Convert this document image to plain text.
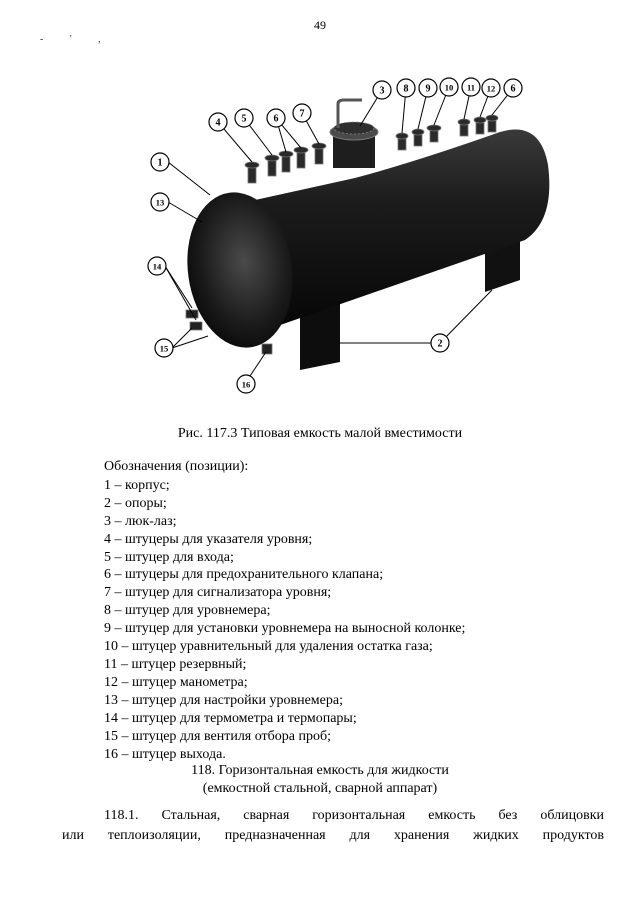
49
- ' ,
1
2
3
4 5	6 7
8 9 10 11 12 6
13
14
15
16
Рис. 117.3 Типовая емкость малой вместимости
Обозначения (позиции):
1 – корпус;
2 – опоры;
3 – люк-лаз;
4 – штуцеры для указателя уровня;
5 – штуцер для входа;
6 – штуцеры для предохранительного клапана;
7 – штуцер для сигнализатора уровня;
8 – штуцер для уровнемера;
9 – штуцер для установки уровнемера на выносной колонке;
10 – штуцер уравнительный для удаления остатка газа;
11 – штуцер резервный;
12 – штуцер манометра;
13 – штуцер для настройки уровнемера;
14 – штуцер для термометра и термопары;
15 – штуцер для вентиля отбора проб;
16 – штуцер выхода.
118. Горизонтальная емкость для жидкости
(емкостной стальной, сварной аппарат)
118.1. Стальная, сварная горизонтальная емкость без облицовки
или теплоизоляции, предназначенная для хранения жидких продуктов
